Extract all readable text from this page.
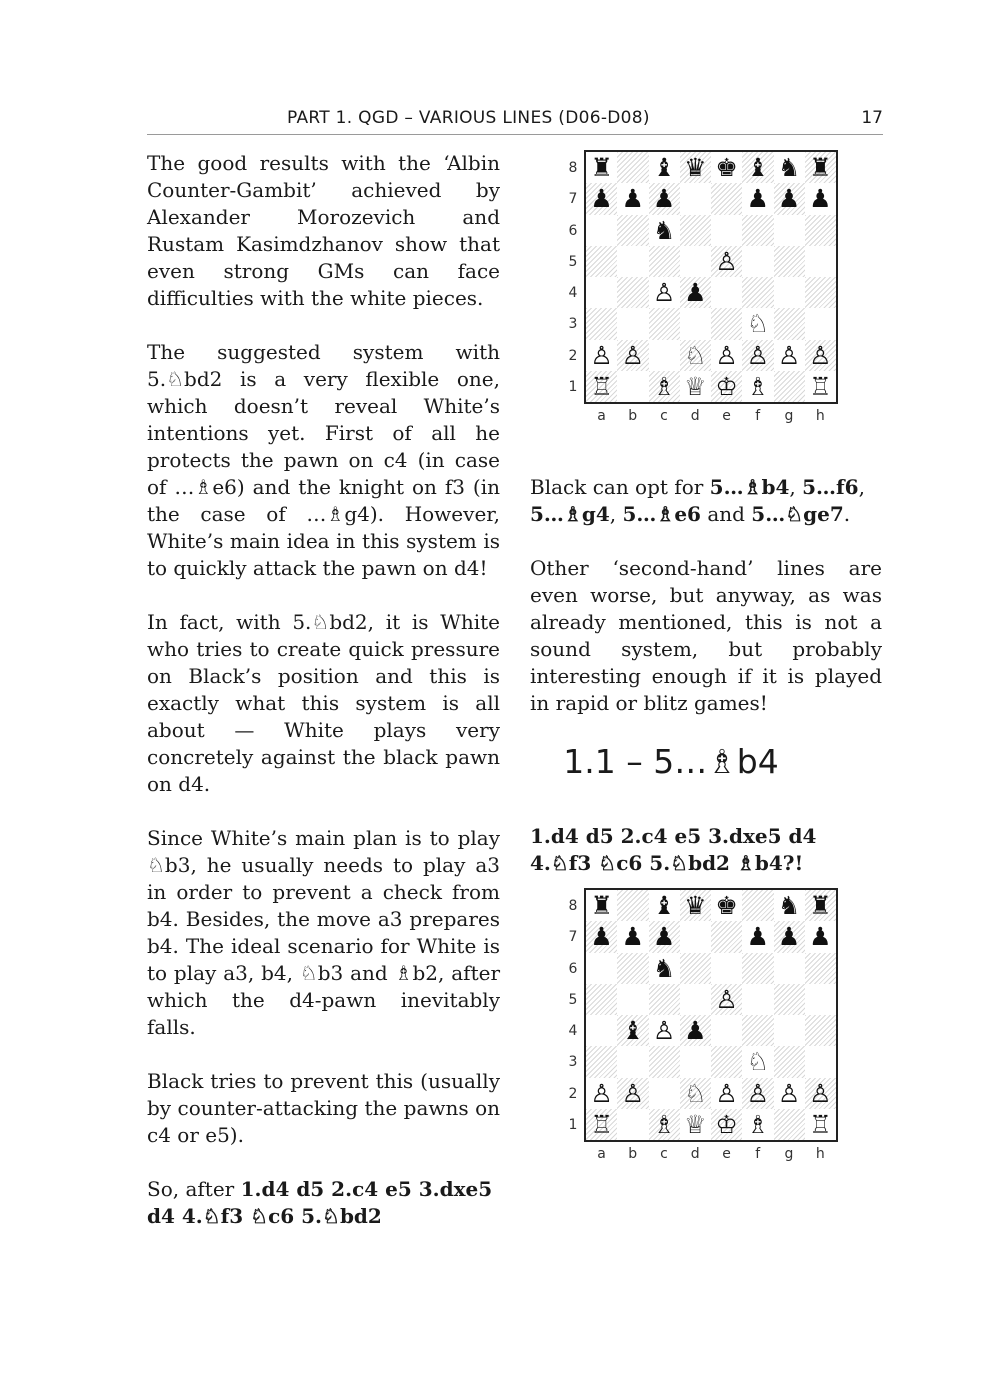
PART 1. QGD – VARIOUS LINES (D06-D08)	17

The good results with the ‘Albin Counter-Gambit’ achieved by Alexander Morozevich and Rustam Kasimdzhanov show that even strong GMs can face difficulties with the white pieces.

The suggested system with 5.♘bd2 is a very flexible one, which doesn’t reveal White’s intentions yet. First of all he protects the pawn on c4 (in case of …♗e6) and the knight on f3 (in the case of …♗g4). However, White’s main idea in this system is to quickly attack the pawn on d4!

In fact, with 5.♘bd2, it is White who tries to create quick pressure on Black’s position and this is exactly what this system is all about — White plays very concretely against the black pawn on d4.

Since White’s main plan is to play ♘b3, he usually needs to play a3 in order to prevent a check from b4. Besides, the move a3 prepares b4. The ideal scenario for White is to play a3, b4, ♘b3 and ♗b2, after which the d4-pawn inevitably falls.

Black tries to prevent this (usually by counter-attacking the pawns on c4 or e5).

So, after 1.d4 d5 2.c4 e5 3.dxe5 d4 4.♘f3 ♘c6 5.♘bd2

♜ ♝ ♛ ♚ ♝ ♞ ♜
♟ ♟ ♟	♟ ♟ ♟
♞
♙
♙ ♟
♘
♙ ♙ ♘ ♙ ♙ ♙ ♙
♖ ♗ ♕ ♔ ♗ ♖
8
7
6
5
4
3
2
1
a	b	c	d	e	f	g	h

Black can opt for 5…♗b4, 5…f6, 5…♗g4, 5…♗e6 and 5…♘ge7.

Other ‘second-hand’ lines are even worse, but anyway, as was already mentioned, this is not a sound system, but probably interesting enough if it is played in rapid or blitz games!

1.1 – 5…♗b4

1.d4 d5 2.c4 e5 3.dxe5 d4 4.♘f3 ♘c6 5.♘bd2 ♗b4?!

♜ ♝ ♛ ♚ ♞ ♜
♟ ♟ ♟	♟ ♟ ♟
♞
♙
♝ ♙ ♟
♘
♙ ♙ ♘ ♙ ♙ ♙ ♙
♖ ♗ ♕ ♔ ♗ ♖
8
7
6
5
4
3
2
1
a	b	c	d	e	f	g	h
